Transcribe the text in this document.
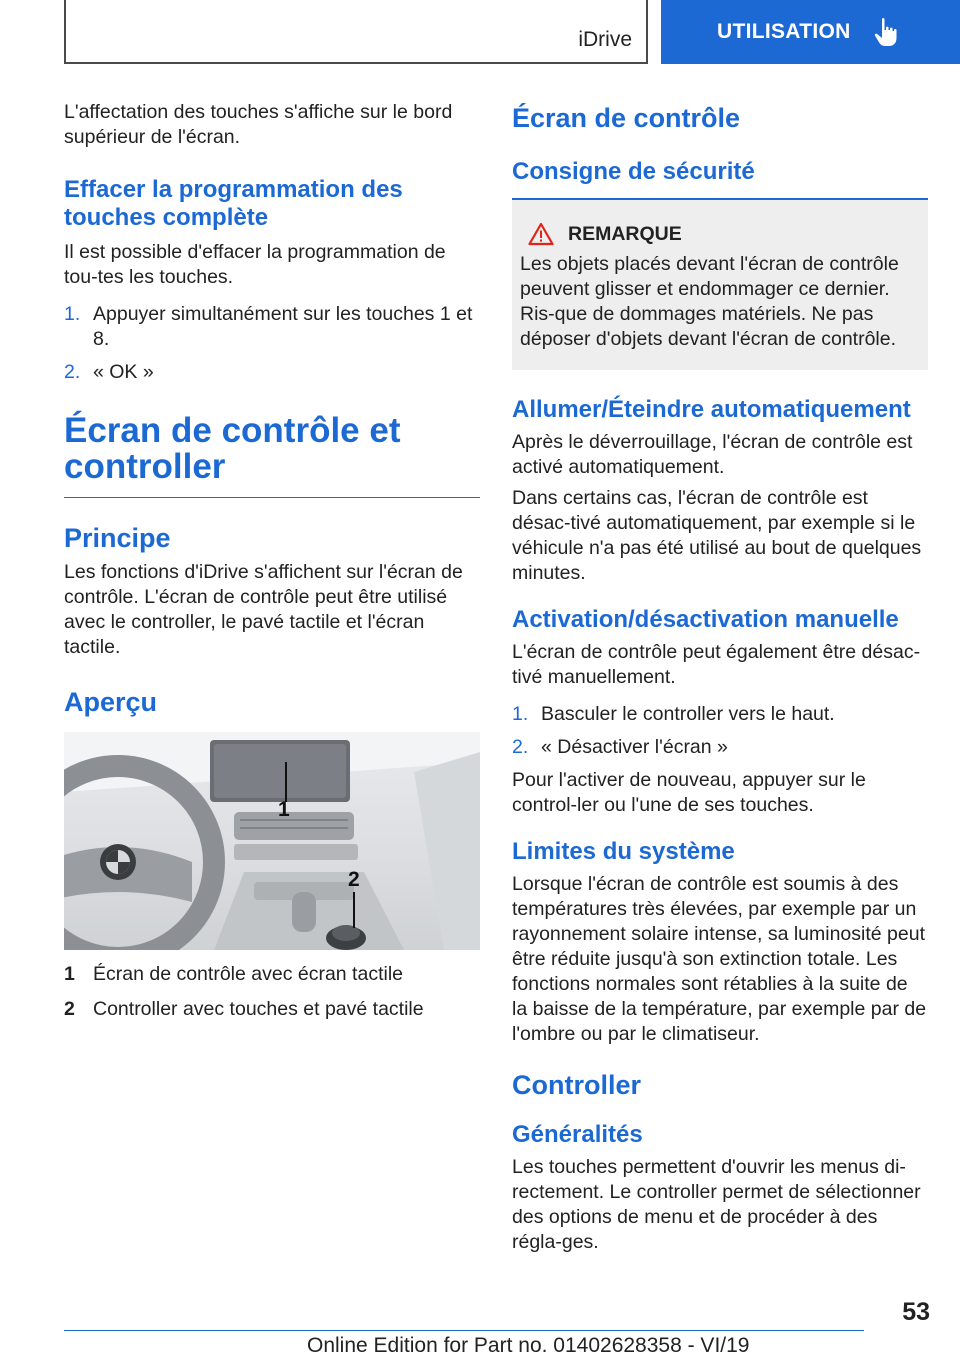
iDrive	UTILISATION

L'affectation des touches s'affiche sur le bord supérieur de l'écran.

Effacer la programmation des touches complète

Il est possible d'effacer la programmation de tou-tes les touches.

1. Appuyer simultanément sur les touches 1 et 8.
2. « OK »
Écran de contrôle et controller
Principe

Les fonctions d'iDrive s'affichent sur l'écran de contrôle. L'écran de contrôle peut être utilisé avec le controller, le pavé tactile et l'écran tactile.

Aperçu
1
2
1 Écran de contrôle avec écran tactile
2 Controller avec touches et pavé tactile
Écran de contrôle
Consigne de sécurité
REMARQUE

Les objets placés devant l'écran de contrôle peuvent glisser et endommager ce dernier. Ris-que de dommages matériels. Ne pas déposer d'objets devant l'écran de contrôle.

Allumer/Éteindre automatiquement

Après le déverrouillage, l'écran de contrôle est activé automatiquement.

Dans certains cas, l'écran de contrôle est désac-tivé automatiquement, par exemple si le véhicule n'a pas été utilisé au bout de quelques minutes.

Activation/désactivation manuelle

L'écran de contrôle peut également être désac-tivé manuellement.

1. Basculer le controller vers le haut.
2. « Désactiver l'écran »

Pour l'activer de nouveau, appuyer sur le control-ler ou l'une de ses touches.

Limites du système

Lorsque l'écran de contrôle est soumis à des températures très élevées, par exemple par un rayonnement solaire intense, sa luminosité peut être réduite jusqu'à son extinction totale. Les fonctions normales sont rétablies à la suite de la baisse de la température, par exemple par de l'ombre ou par le climatiseur.

Controller
Généralités

Les touches permettent d'ouvrir les menus di-rectement. Le controller permet de sélectionner des options de menu et de procéder à des régla-ges.

53
Online Edition for Part no. 01402628358 - VI/19
